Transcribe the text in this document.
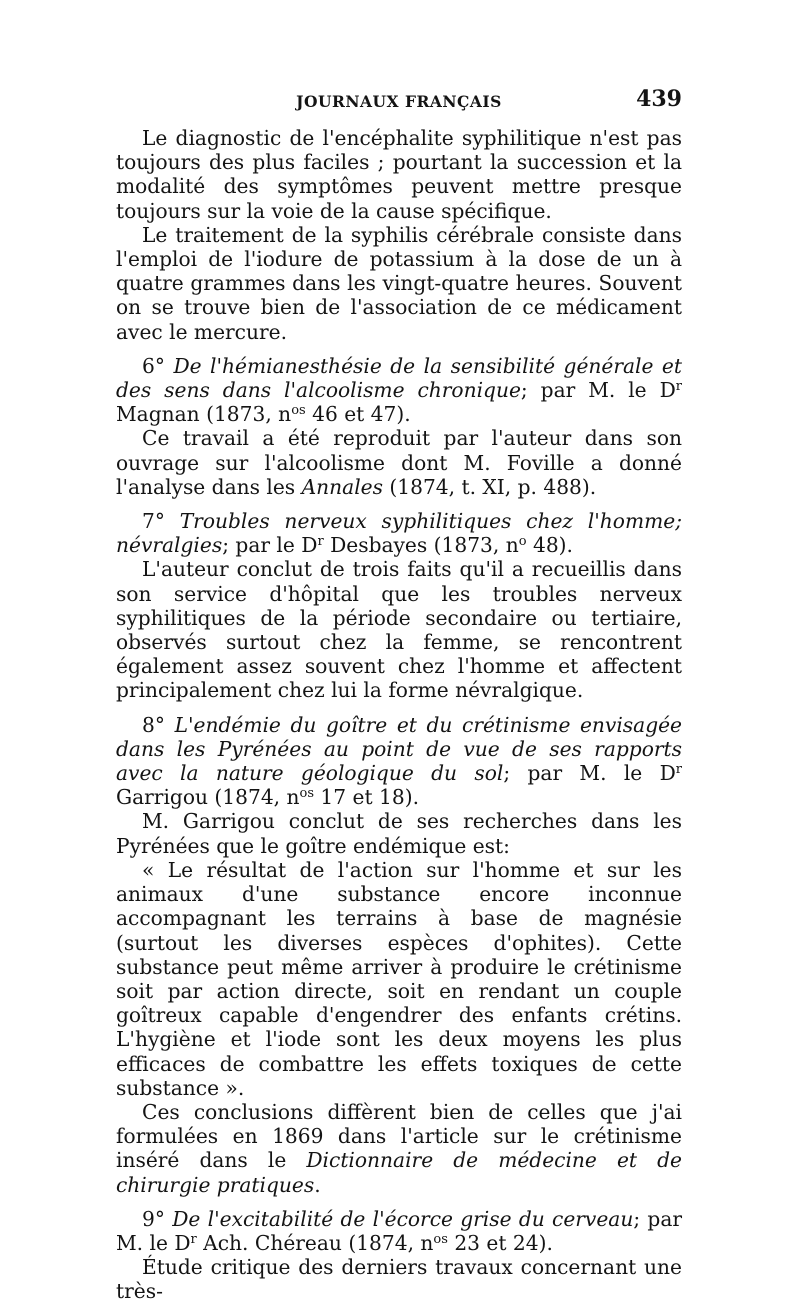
JOURNAUX FRANÇAIS	439

Le diagnostic de l'encéphalite syphilitique n'est pas toujours des plus faciles ; pourtant la succession et la modalité des symptômes peuvent mettre presque toujours sur la voie de la cause spécifique.

Le traitement de la syphilis cérébrale consiste dans l'emploi de l'iodure de potassium à la dose de un à quatre grammes dans les vingt-quatre heures. Souvent on se trouve bien de l'association de ce médicament avec le mercure.

6° De l'hémianesthésie de la sensibilité générale et des sens dans l'alcoolisme chronique; par M. le $D^r$ Magnan (1873, $n^{os}$ 46 et 47).

Ce travail a été reproduit par l'auteur dans son ouvrage sur l'alcoolisme dont M. Foville a donné l'analyse dans les Annales (1874, t. XI, p. 488).

7° Troubles nerveux syphilitiques chez l'homme; névralgies; par le $D^r$ Desbayes (1873, $n^o$ 48).

L'auteur conclut de trois faits qu'il a recueillis dans son service d'hôpital que les troubles nerveux syphilitiques de la période secondaire ou tertiaire, observés surtout chez la femme, se rencontrent également assez souvent chez l'homme et affectent principalement chez lui la forme névralgique.

8° L'endémie du goître et du crétinisme envisagée dans les Pyrénées au point de vue de ses rapports avec la nature géologique du sol; par M. le $D^r$ Garrigou (1874, $n^{os}$ 17 et 18).

M. Garrigou conclut de ses recherches dans les Pyrénées que le goître endémique est:

« Le résultat de l'action sur l'homme et sur les animaux d'une substance encore inconnue accompagnant les terrains à base de magnésie (surtout les diverses espèces d'ophites). Cette substance peut même arriver à produire le crétinisme soit par action directe, soit en rendant un couple goîtreux capable d'engendrer des enfants crétins. L'hygiène et l'iode sont les deux moyens les plus efficaces de combattre les effets toxiques de cette substance ».

Ces conclusions diffèrent bien de celles que j'ai formulées en 1869 dans l'article sur le crétinisme inséré dans le Dictionnaire de médecine et de chirurgie pratiques.

9° De l'excitabilité de l'écorce grise du cerveau; par M. le $D^r$ Ach. Chéreau (1874, $n^{os}$ 23 et 24).

Étude critique des derniers travaux concernant une très-
